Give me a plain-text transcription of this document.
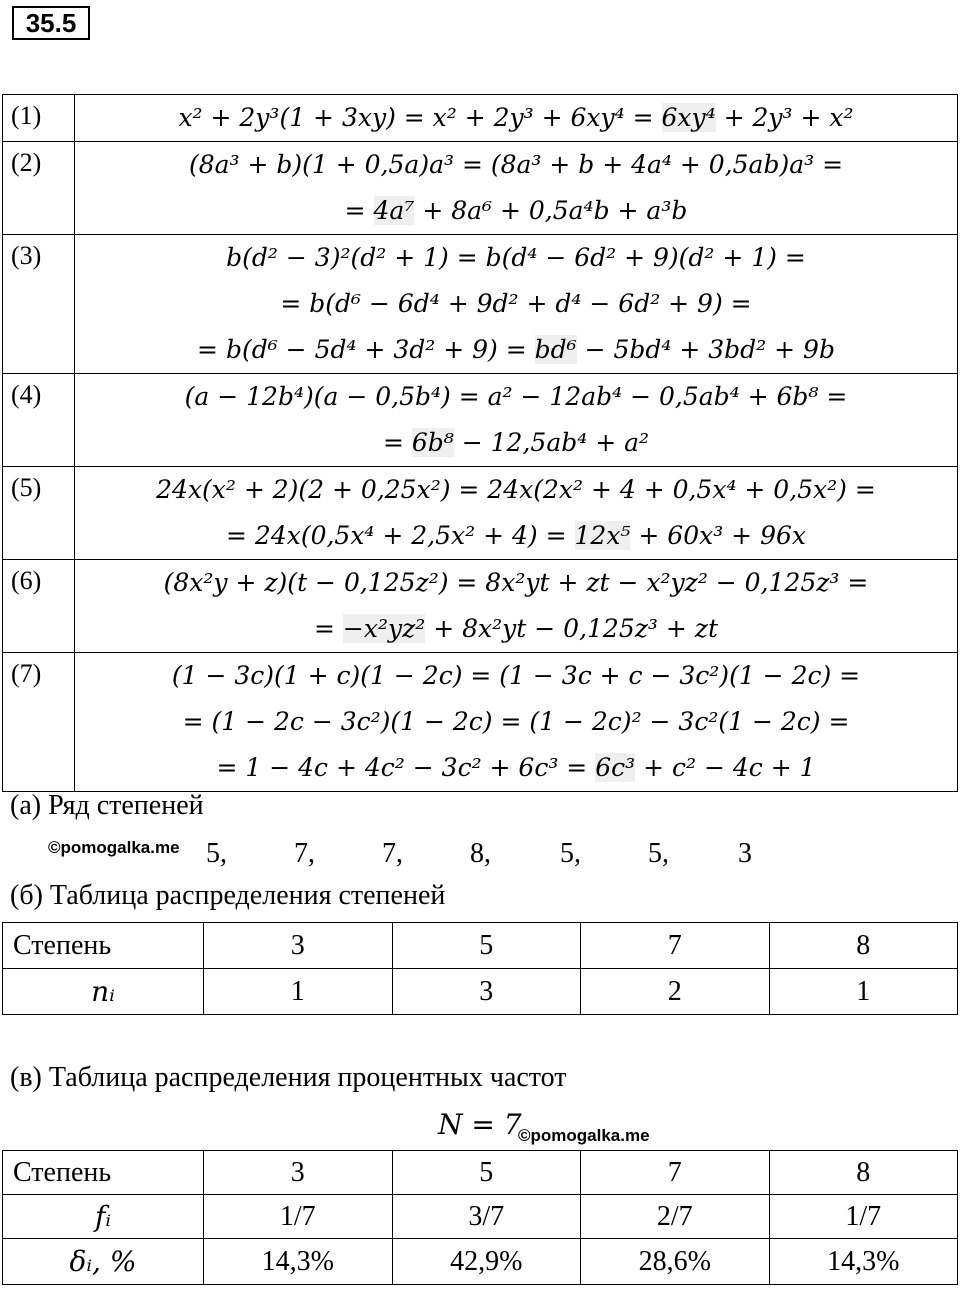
35.5
(1)	x² + 2y³(1 + 3xy) = x² + 2y³ + 6xy⁴ = 6xy⁴ + 2y³ + x²

(2)	(8a³ + b)(1 + 0,5a)a³ = (8a³ + b + 4a⁴ + 0,5ab)a³ =
= 4a⁷ + 8a⁶ + 0,5a⁴b + a³b

(3)	b(d² − 3)²(d² + 1) = b(d⁴ − 6d² + 9)(d² + 1) =
= b(d⁶ − 6d⁴ + 9d² + d⁴ − 6d² + 9) =
= b(d⁶ − 5d⁴ + 3d² + 9) = bd⁶ − 5bd⁴ + 3bd² + 9b

(4)	(a − 12b⁴)(a − 0,5b⁴) = a² − 12ab⁴ − 0,5ab⁴ + 6b⁸ =
= 6b⁸ − 12,5ab⁴ + a²

(5)	24x(x² + 2)(2 + 0,25x²) = 24x(2x² + 4 + 0,5x⁴ + 0,5x²) =
= 24x(0,5x⁴ + 2,5x² + 4) = 12x⁵ + 60x³ + 96x

(6)	(8x²y + z)(t − 0,125z²) = 8x²yt + zt − x²yz² − 0,125z³ =
= −x²yz² + 8x²yt − 0,125z³ + zt

(7)	(1 − 3c)(1 + c)(1 − 2c) = (1 − 3c + c − 3c²)(1 − 2c) =
= (1 − 2c − 3c²)(1 − 2c) = (1 − 2c)² − 3c²(1 − 2c) =
= 1 − 4c + 4c² − 3c² + 6c³ = 6c³ + c² − 4c + 1
(а) Ряд степеней
©pomogalka.me 5, 7, 7, 8, 5, 5, 3
(б) Таблица распределения степеней
Степень	3	5	7	8
nᵢ	1	3	2	1
(в) Таблица распределения процентных частот
N = 7
©pomogalka.me
Степень	3	5	7	8
fᵢ	1/7	3/7	2/7	1/7
δᵢ, %	14,3%	42,9%	28,6%	14,3%
